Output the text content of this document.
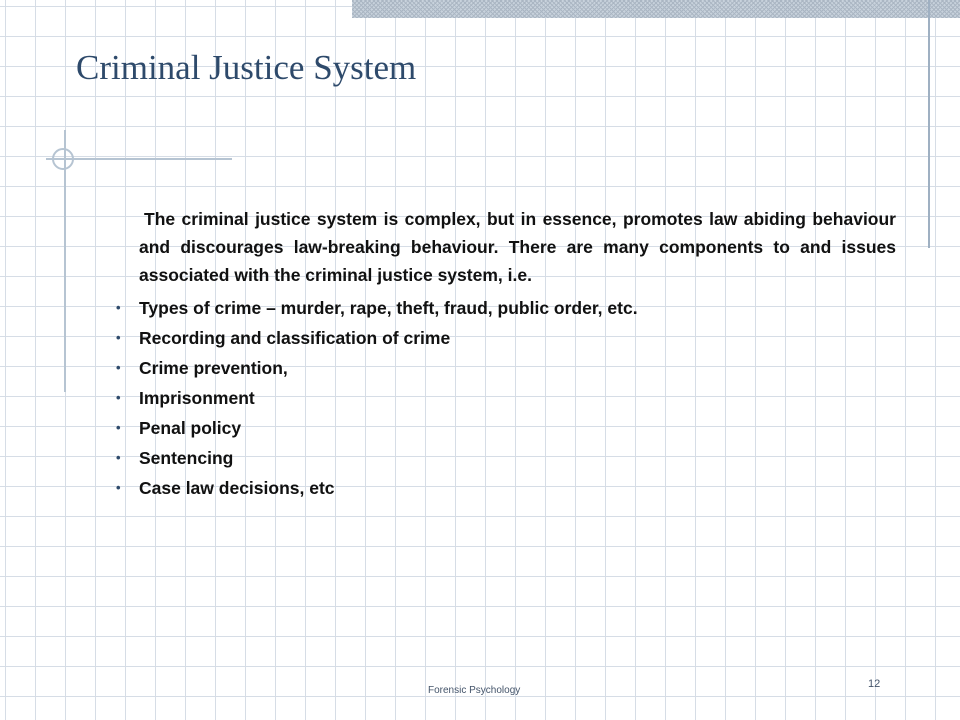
Criminal Justice System

The criminal justice system is complex, but in essence, promotes law abiding behaviour and discourages law-breaking behaviour. There are many components to and issues associated with the criminal justice system, i.e.

• Types of crime – murder, rape, theft, fraud, public order, etc.
• Recording and classification of crime
• Crime prevention,
• Imprisonment
• Penal policy
• Sentencing
• Case law decisions, etc
Forensic Psychology
12
